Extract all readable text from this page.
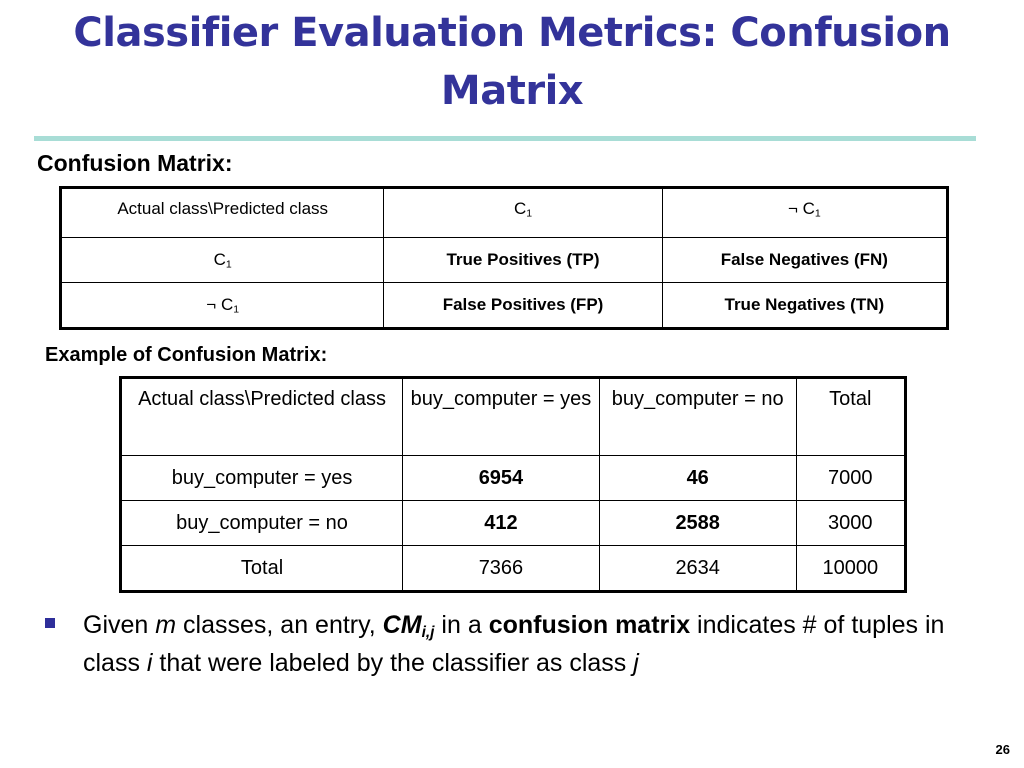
Classifier Evaluation Metrics: Confusion Matrix
Confusion Matrix:
Actual class\Predicted class	$C_1$	¬ $C_1$
$C_1$	True Positives (TP)	False Negatives (FN)
¬ $C_1$	False Positives (FP)	True Negatives (TN)
Example of Confusion Matrix:
Actual class\Predicted class	buy_computer = yes	buy_computer = no	Total
buy_computer = yes	6954	46	7000
buy_computer = no	412	2588	3000
Total	7366	2634	10000
Given m classes, an entry, $CM_{i,j}$ in a confusion matrix indicates # of tuples in class i that were labeled by the classifier as class j
26
